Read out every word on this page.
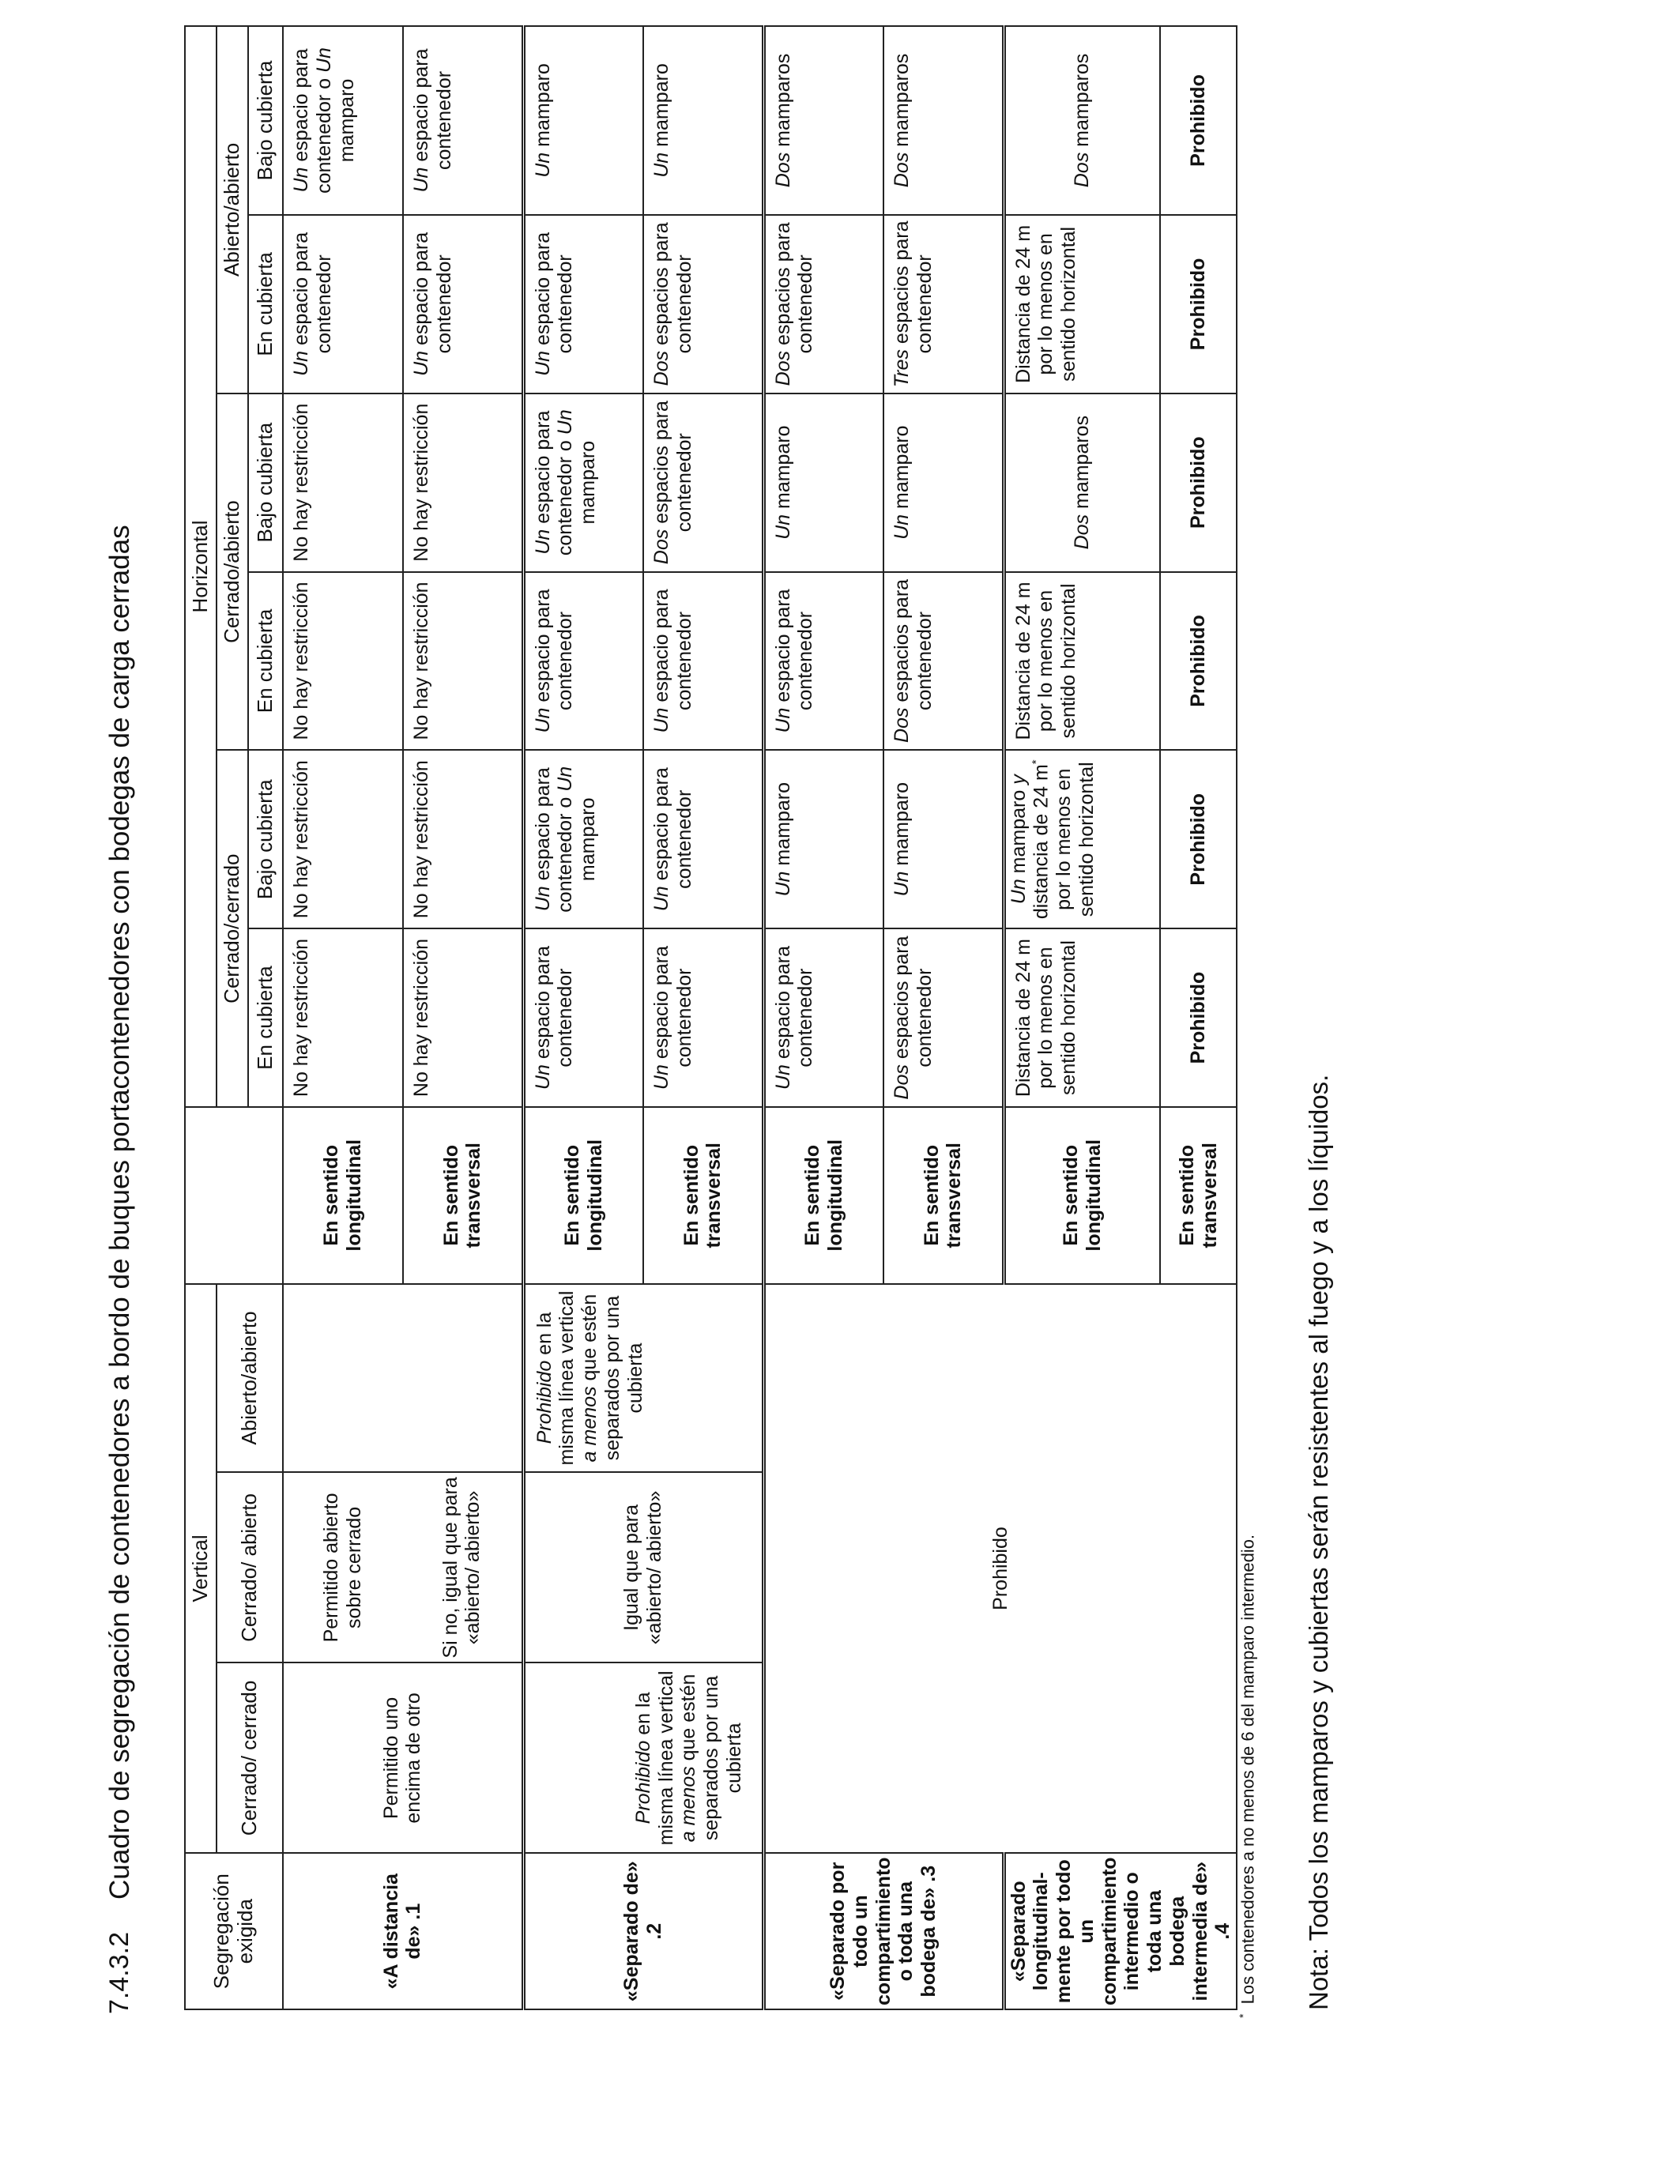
7.4.3.2
Cuadro de segregación de contenedores a bordo de buques portacontenedores con bodegas de carga cerradas
Segregación exigida	Vertical				Horizontal					
	Cerrado/ cerrado	Cerrado/ abierto	Abierto/abierto		Cerrado/cerrado		Cerrado/abierto		Abierto/abierto	
					En cubierta	Bajo cubierta	En cubierta	Bajo cubierta	En cubierta	Bajo cubierta
«A distancia de» .1	Permitido uno encima de otro	Permitido abierto sobre cerrado Si no, igual que para «abierto/ abierto»		En sentido longitudinal	No hay restricción	No hay restricción	No hay restricción	No hay restricción	Un espacio para contenedor	Un espacio para contenedor o Un mamparo
				En sentido transversal	No hay restricción	No hay restricción	No hay restricción	No hay restricción	Un espacio para contenedor	Un espacio para contenedor
«Separado de» .2	Prohibido en la misma línea vertical a menos que estén separados por una cubierta	Igual que para «abierto/ abierto»	Prohibido en la misma línea vertical a menos que estén separados por una cubierta	En sentido longitudinal	Un espacio para contenedor	Un espacio para contenedor o Un mamparo	Un espacio para contenedor	Un espacio para contenedor o Un mamparo	Un espacio para contenedor	Un mamparo
				En sentido transversal	Un espacio para contenedor	Un espacio para contenedor	Un espacio para contenedor	Dos espacios para contenedor	Dos espacios para contenedor	Un mamparo
«Separado por todo un compartimiento o toda una bodega de» .3	Prohibido			En sentido longitudinal	Un espacio para contenedor	Un mamparo	Un espacio para contenedor	Un mamparo	Dos espacios para contenedor	Dos mamparos
				En sentido transversal	Dos espacios para contenedor	Un mamparo	Dos espacios para contenedor	Un mamparo	Tres espacios para contenedor	Dos mamparos
«Separado longitudinal-mente por todo un compartimiento intermedio o toda una bodega intermedia de» .4				En sentido longitudinal	Distancia de 24 m por lo menos en sentido horizontal	Un mamparo y distancia de 24 m* por lo menos en sentido horizontal	Distancia de 24 m por lo menos en sentido horizontal	Dos mamparos	Distancia de 24 m por lo menos en sentido horizontal	Dos mamparos
				En sentido transversal	Prohibido	Prohibido	Prohibido	Prohibido	Prohibido	Prohibido
*  Los contenedores a no menos de 6 del mamparo intermedio. Nota: Todos los mamparos y cubiertas serán resistentes al fuego y a los líquidos.
